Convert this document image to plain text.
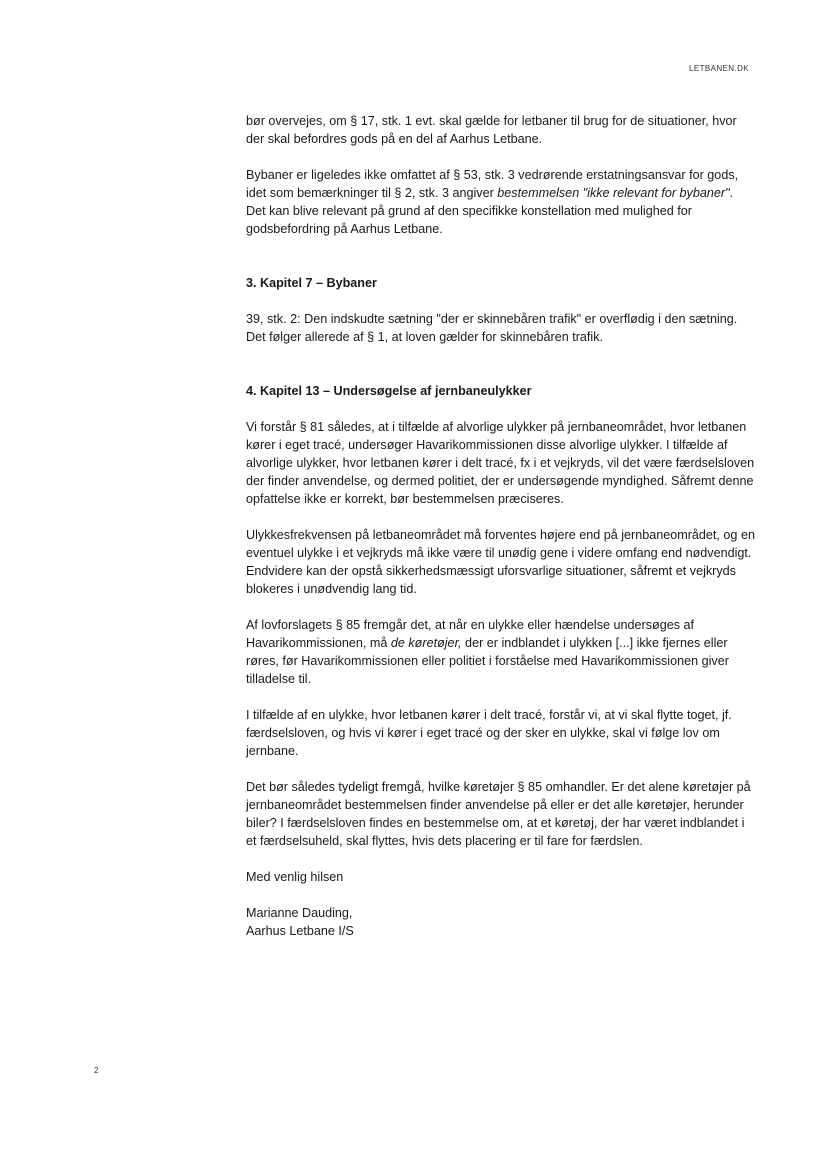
LETBANEN.DK

bør overvejes, om § 17, stk. 1 evt. skal gælde for letbaner til brug for de situationer, hvor der skal befordres gods på en del af Aarhus Letbane.

Bybaner er ligeledes ikke omfattet af § 53, stk. 3 vedrørende erstatningsansvar for gods, idet som bemærkninger til § 2, stk. 3 angiver bestemmelsen "ikke relevant for bybaner". Det kan blive relevant på grund af den specifikke konstellation med mulighed for godsbefordring på Aarhus Letbane.

3. Kapitel 7 – Bybaner

39, stk. 2: Den indskudte sætning "der er skinnebåren trafik" er overflødig i den sætning. Det følger allerede af § 1, at loven gælder for skinnebåren trafik.

4. Kapitel 13 – Undersøgelse af jernbaneulykker

Vi forstår § 81 således, at i tilfælde af alvorlige ulykker på jernbaneområdet, hvor letbanen kører i eget tracé, undersøger Havarikommissionen disse alvorlige ulykker. I tilfælde af alvorlige ulykker, hvor letbanen kører i delt tracé, fx i et vejkryds, vil det være færdselsloven der finder anvendelse, og dermed politiet, der er undersøgende myndighed. Såfremt denne opfattelse ikke er korrekt, bør bestemmelsen præciseres.

Ulykkesfrekvensen på letbaneområdet må forventes højere end på jernbaneområdet, og en eventuel ulykke i et vejkryds må ikke være til unødig gene i videre omfang end nødvendigt. Endvidere kan der opstå sikkerhedsmæssigt uforsvarlige situationer, såfremt et vejkryds blokeres i unødvendig lang tid.

Af lovforslagets § 85 fremgår det, at når en ulykke eller hændelse undersøges af Havarikommissionen, må de køretøjer, der er indblandet i ulykken [...] ikke fjernes eller røres, før Havarikommissionen eller politiet i forståelse med Havarikommissionen giver tilladelse til.

I tilfælde af en ulykke, hvor letbanen kører i delt tracé, forstår vi, at vi skal flytte toget, jf. færdselsloven, og hvis vi kører i eget tracé og der sker en ulykke, skal vi følge lov om jernbane.

Det bør således tydeligt fremgå, hvilke køretøjer § 85 omhandler. Er det alene køretøjer på jernbaneområdet bestemmelsen finder anvendelse på eller er det alle køretøjer, herunder biler? I færdselsloven findes en bestemmelse om, at et køretøj, der har været indblandet i et færdselsuheld, skal flyttes, hvis dets placering er til fare for færdslen.

Med venlig hilsen

Marianne Dauding,

Aarhus Letbane I/S

2
